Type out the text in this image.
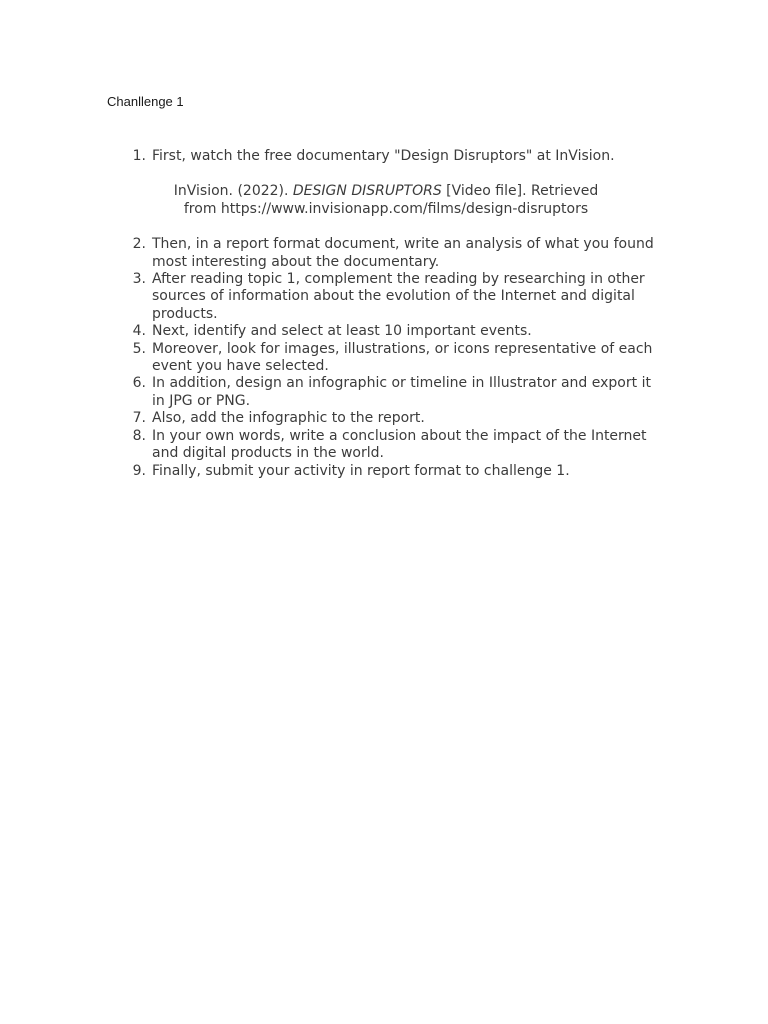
Chanllenge 1
1. First, watch the free documentary "Design Disruptors" at InVision.
InVision. (2022). DESIGN DISRUPTORS [Video file]. Retrieved
from https://www.invisionapp.com/films/design-disruptors
2. Then, in a report format document, write an analysis of what you found most interesting about the documentary.
3. After reading topic 1, complement the reading by researching in other sources of information about the evolution of the Internet and digital products.
4. Next, identify and select at least 10 important events.
5. Moreover, look for images, illustrations, or icons representative of each event you have selected.
6. In addition, design an infographic or timeline in Illustrator and export it in JPG or PNG.
7. Also, add the infographic to the report.
8. In your own words, write a conclusion about the impact of the Internet and digital products in the world.
9. Finally, submit your activity in report format to challenge 1.
